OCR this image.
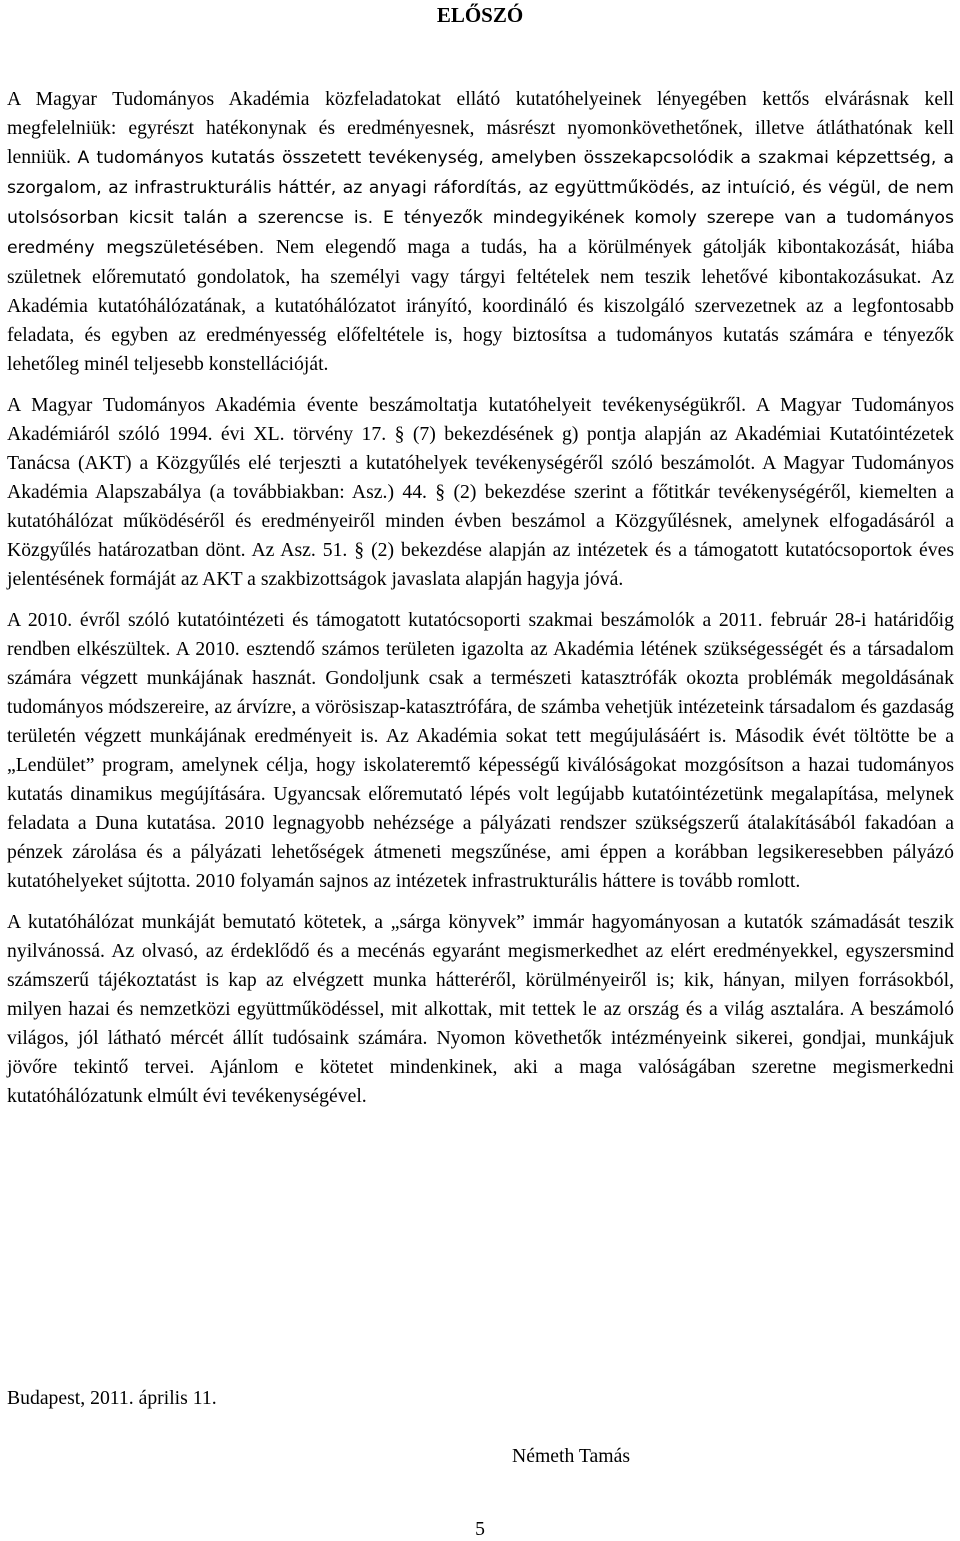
ELŐSZÓ

A Magyar Tudományos Akadémia közfeladatokat ellátó kutatóhelyeinek lényegében kettős elvárásnak kell megfelelniük: egyrészt hatékonynak és eredményesnek, másrészt nyomonkövethetőnek, illetve átláthatónak kell lenniük. A tudományos kutatás összetett tevékenység, amelyben összekapcsolódik a szakmai képzettség, a szorgalom, az infrastrukturális háttér, az anyagi ráfordítás, az együttműködés, az intuíció, és végül, de nem utolsósorban kicsit talán a szerencse is. E tényezők mindegyikének komoly szerepe van a tudományos eredmény megszületésében. Nem elegendő maga a tudás, ha a körülmények gátolják kibontakozását, hiába születnek előremutató gondolatok, ha személyi vagy tárgyi feltételek nem teszik lehetővé kibontakozásukat. Az Akadémia kutatóhálózatának, a kutatóhálózatot irányító, koordináló és kiszolgáló szervezetnek az a legfontosabb feladata, és egyben az eredményesség előfeltétele is, hogy biztosítsa a tudományos kutatás számára e tényezők lehetőleg minél teljesebb konstellációját.

A Magyar Tudományos Akadémia évente beszámoltatja kutatóhelyeit tevékenységükről. A Magyar Tudományos Akadémiáról szóló 1994. évi XL. törvény 17. § (7) bekezdésének g) pontja alapján az Akadémiai Kutatóintézetek Tanácsa (AKT) a Közgyűlés elé terjeszti a kutatóhelyek tevékenységéről szóló beszámolót. A Magyar Tudományos Akadémia Alapszabálya (a továbbiakban: Asz.) 44. § (2) bekezdése szerint a főtitkár tevékenységéről, kiemelten a kutatóhálózat működéséről és eredményeiről minden évben beszámol a Közgyűlésnek, amelynek elfogadásáról a Közgyűlés határozatban dönt. Az Asz. 51. § (2) bekezdése alapján az intézetek és a támogatott kutatócsoportok éves jelentésének formáját az AKT a szakbizottságok javaslata alapján hagyja jóvá.

A 2010. évről szóló kutatóintézeti és támogatott kutatócsoporti szakmai beszámolók a 2011. február 28-i határidőig rendben elkészültek. A 2010. esztendő számos területen igazolta az Akadémia létének szükségességét és a társadalom számára végzett munkájának hasznát. Gondoljunk csak a természeti katasztrófák okozta problémák megoldásának tudományos módszereire, az árvízre, a vörösiszap-katasztrófára, de számba vehetjük intézeteink társadalom és gazdaság területén végzett munkájának eredményeit is. Az Akadémia sokat tett megújulásáért is. Második évét töltötte be a „Lendület” program, amelynek célja, hogy iskolateremtő képességű kiválóságokat mozgósítson a hazai tudományos kutatás dinamikus megújítására. Ugyancsak előremutató lépés volt legújabb kutatóintézetünk megalapítása, melynek feladata a Duna kutatása. 2010 legnagyobb nehézsége a pályázati rendszer szükségszerű átalakításából fakadóan a pénzek zárolása és a pályázati lehetőségek átmeneti megszűnése, ami éppen a korábban legsikeresebben pályázó kutatóhelyeket sújtotta. 2010 folyamán sajnos az intézetek infrastrukturális háttere is tovább romlott.

A kutatóhálózat munkáját bemutató kötetek, a „sárga könyvek” immár hagyományosan a kutatók számadását teszik nyilvánossá. Az olvasó, az érdeklődő és a mecénás egyaránt megismerkedhet az elért eredményekkel, egyszersmind számszerű tájékoztatást is kap az elvégzett munka hátteréről, körülményeiről is; kik, hányan, milyen forrásokból, milyen hazai és nemzetközi együttműködéssel, mit alkottak, mit tettek le az ország és a világ asztalára. A beszámoló világos, jól látható mércét állít tudósaink számára. Nyomon követhetők intézményeink sikerei, gondjai, munkájuk jövőre tekintő tervei. Ajánlom e kötetet mindenkinek, aki a maga valóságában szeretne megismerkedni kutatóhálózatunk elmúlt évi tevékenységével.

Budapest, 2011. április 11.

Németh Tamás

5
